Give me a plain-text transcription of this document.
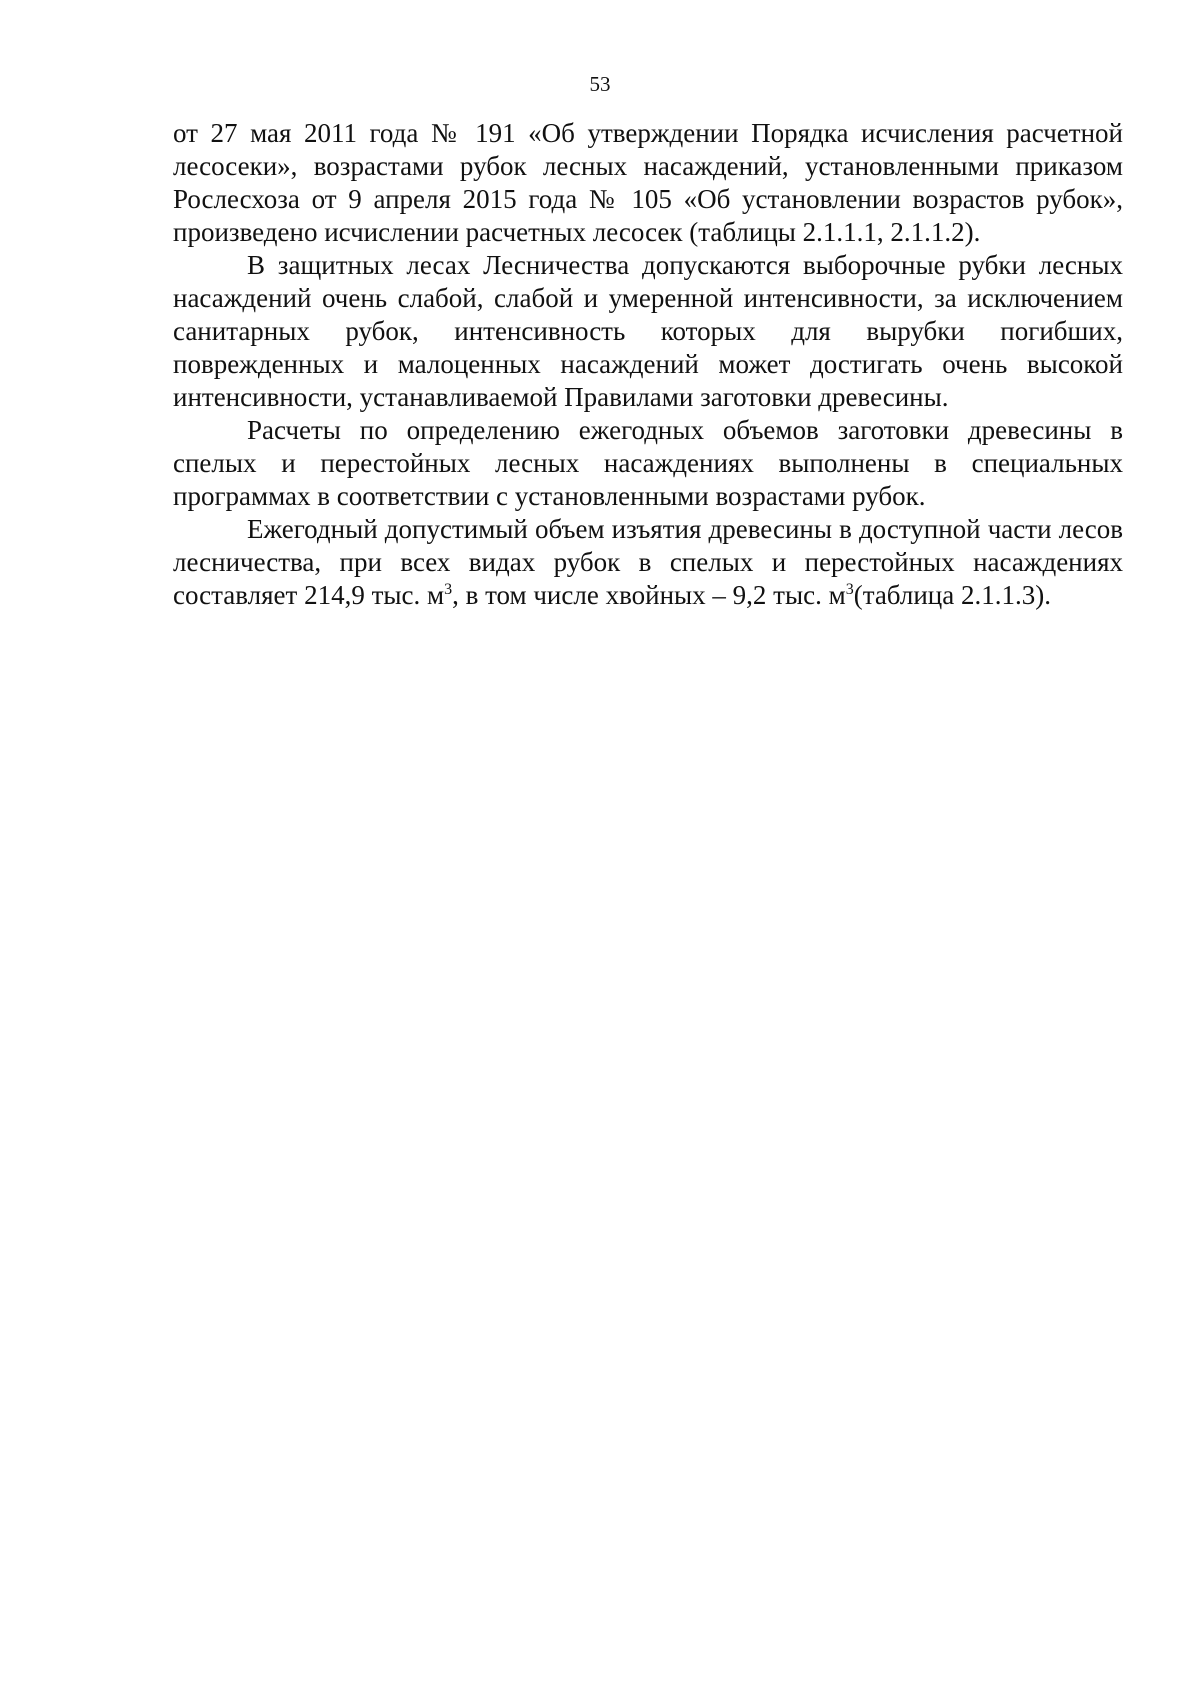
53

от 27 мая 2011 года № 191 «Об утверждении Порядка исчисления расчетной лесосеки», возрастами рубок лесных насаждений, установленными приказом Рослесхоза от 9 апреля 2015 года № 105 «Об установлении возрастов рубок», произведено исчислении расчетных лесосек (таблицы 2.1.1.1, 2.1.1.2).

В защитных лесах Лесничества допускаются выборочные рубки лесных насаждений очень слабой, слабой и умеренной интенсивности, за исключением санитарных рубок, интенсивность которых для вырубки погибших, поврежденных и малоценных насаждений может достигать очень высокой интенсивности, устанавливаемой Правилами заготовки древесины.

Расчеты по определению ежегодных объемов заготовки древесины в спелых и перестойных лесных насаждениях выполнены в специальных программах в соответствии с установленными возрастами рубок.

Ежегодный допустимый объем изъятия древесины в доступной части лесов лесничества, при всех видах рубок в спелых и перестойных насаждениях составляет 214,9 тыс. $м^3$, в том числе хвойных – 9,2 тыс. $м^3(таблица$ 2.1.1.3).
